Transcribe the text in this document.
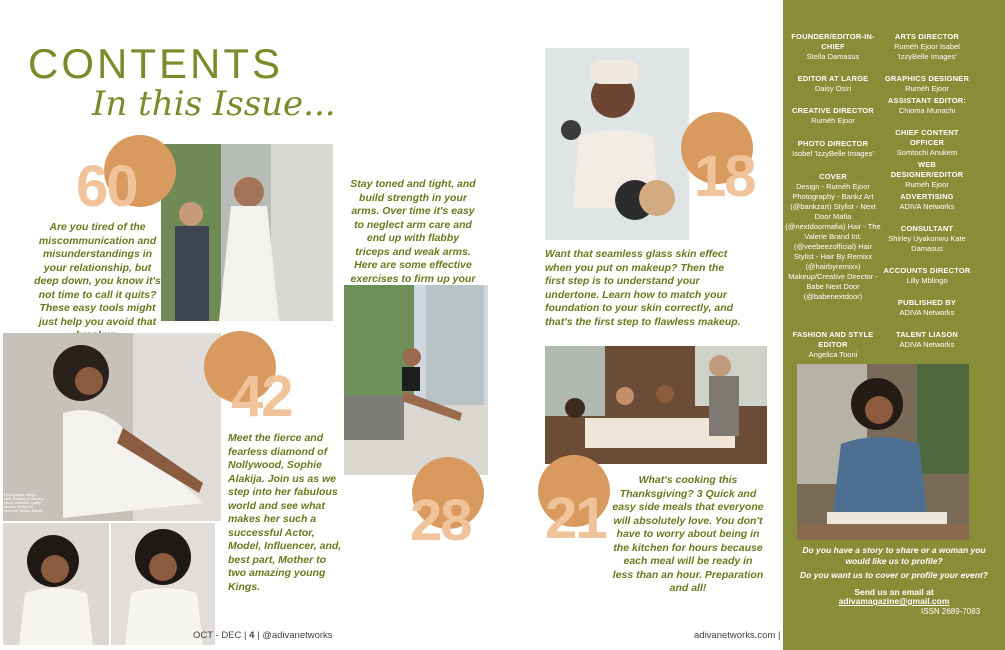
CONTENTS
In this Issue...
60
Are you tired of the miscommunication and misunderstandings in your relationship, but deep down, you know it's not time to call it quits? These easy tools might just help you avoid that
Photographic design, style, thinking of Caferina, ideas, character, quality, service, fashion for personal (Sophie Alakija)
42
Meet the fierce and fearless diamond of Nollywood, Sophie Alakija. Join us as we step into her fabulous world and see what makes her such a successful Actor, Model, Influencer, and, best part, Mother to two amazing young Kings.
OCT - DEC | 4 | @adivanetworks
Stay toned and tight, and build strength in your arms. Over time it's easy to neglect arm care and end up with flabby triceps and weak arms. Here are some effective exercises to firm up your
28
18
Want that seamless glass skin effect when you put on makeup? Then the first step is to understand your undertone. Learn how to match your foundation to your skin correctly, and that's the first step to flawless makeup.
21
What's cooking this Thanksgiving? 3 Quick and easy side meals that everyone will absolutely love. You don't have to worry about being in the kitchen for hours because each meal will be ready in less than an hour. Preparation and all!
adivanetworks.com |
FOUNDER/EDITOR-IN-CHIEF
Stella Damasus
EDITOR AT LARGE
Daisy Osiri
CREATIVE DIRECTOR
Ruméh Ejoor
PHOTO DIRECTOR
Isobel 'IzzyBelle Images'
COVER
Design - Ruméh Ejoor Photography - Bankz Art (@bankzart) Stylist - Next Door Mafia (@nextdoormafia) Hair - The Valerie Brand Int. (@veebeezofficial) Hair Stylist - Hair By Remixx (@hairbyremixx) Makeup/Creative Director - Babe Next Door (@babenextdoor)
FASHION AND STYLE EDITOR
Angelica Tooni
ARTS DIRECTOR
Ruméh Ejoor Isabel 'IzzyBelle Images'
GRAPHICS DESIGNER
Ruméh Ejoor
ASSISTANT EDITOR:
Chioma Munachi
CHIEF CONTENT OFFICER
Somtochi Anukem
WEB DESIGNER/EDITOR
Ruméh Ejoor
ADVERTISING
ADIVA Networks
CONSULTANT
Shirley Uyakonwu Kate Damasus
ACCOUNTS DIRECTOR
Lilly Mblingo
PUBLISHED BY
ADIVA Networks
TALENT LIASON
ADIVA Networks
Do you have a story to share or a woman you would like us to profile?
Do you want us to cover or profile your event?
Send us an email at
adivamagazine@gmail.com
ISSN 2689-7083
